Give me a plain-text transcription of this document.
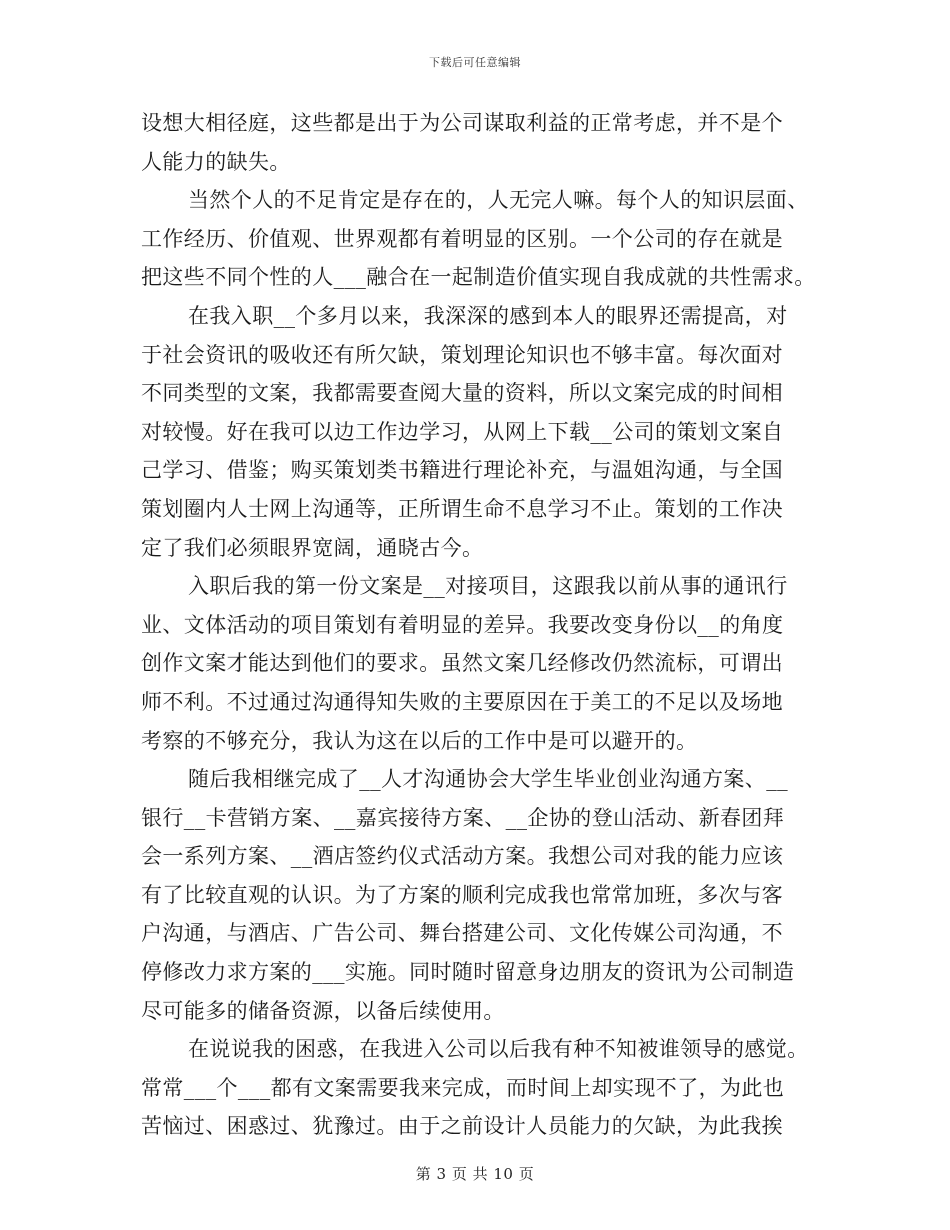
下载后可任意编辑
设想大相径庭，这些都是出于为公司谋取利益的正常考虑，并不是个
人能力的缺失。
当然个人的不足肯定是存在的，人无完人嘛。每个人的知识层面、
工作经历、价值观、世界观都有着明显的区别。一个公司的存在就是
把这些不同个性的人___融合在一起制造价值实现自我成就的共性需求。
在我入职__个多月以来，我深深的感到本人的眼界还需提高，对
于社会资讯的吸收还有所欠缺，策划理论知识也不够丰富。每次面对
不同类型的文案，我都需要查阅大量的资料，所以文案完成的时间相
对较慢。好在我可以边工作边学习，从网上下载__公司的策划文案自
己学习、借鉴；购买策划类书籍进行理论补充，与温姐沟通，与全国
策划圈内人士网上沟通等，正所谓生命不息学习不止。策划的工作决
定了我们必须眼界宽阔，通晓古今。
入职后我的第一份文案是__对接项目，这跟我以前从事的通讯行
业、文体活动的项目策划有着明显的差异。我要改变身份以__的角度
创作文案才能达到他们的要求。虽然文案几经修改仍然流标，可谓出
师不利。不过通过沟通得知失败的主要原因在于美工的不足以及场地
考察的不够充分，我认为这在以后的工作中是可以避开的。
随后我相继完成了__人才沟通协会大学生毕业创业沟通方案、__
银行__卡营销方案、__嘉宾接待方案、__企协的登山活动、新春团拜
会一系列方案、__酒店签约仪式活动方案。我想公司对我的能力应该
有了比较直观的认识。为了方案的顺利完成我也常常加班，多次与客
户沟通，与酒店、广告公司、舞台搭建公司、文化传媒公司沟通，不
停修改力求方案的___实施。同时随时留意身边朋友的资讯为公司制造
尽可能多的储备资源，以备后续使用。
在说说我的困惑，在我进入公司以后我有种不知被谁领导的感觉。
常常___个___都有文案需要我来完成，而时间上却实现不了，为此也
苦恼过、困惑过、犹豫过。由于之前设计人员能力的欠缺，为此我挨
第 3 页 共 10 页
